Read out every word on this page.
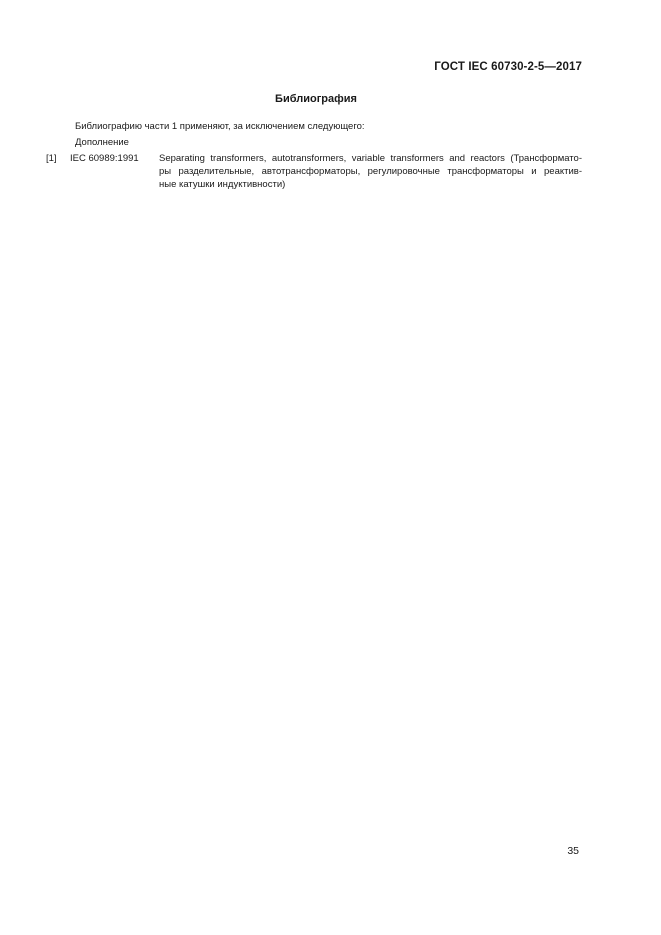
ГОСТ IEC 60730-2-5—2017
Библиография
Библиографию части 1 применяют, за исключением следующего:
Дополнение
[1] IEC 60989:1991 Separating transformers, autotransformers, variable transformers and reactors (Трансформато-
ры разделительные, автотрансформаторы, регулировочные трансформаторы и реактив-
ные катушки индуктивности)
35
